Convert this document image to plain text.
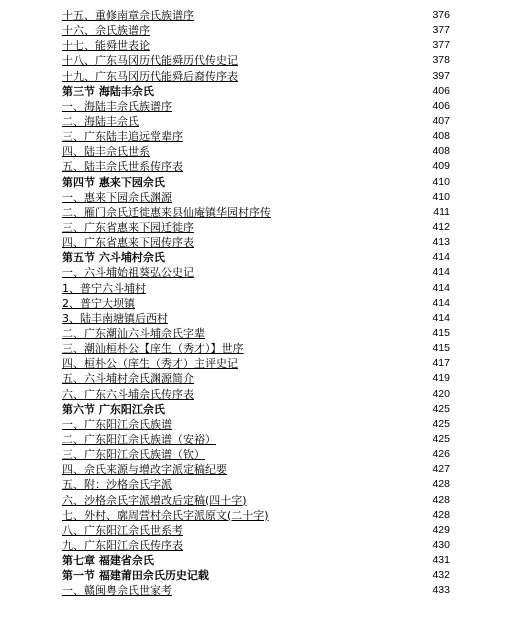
十五、重修南章佘氏族谱序	376
十六、佘氏族谱序	377
十七、能舜世表论	377
十八、广东马冈历代能舜历代传史记	378
十九、广东马冈历代能舜后裔传序表	397
第三节 海陆丰佘氏	406
一、海陆丰佘氏族谱序	406
二、海陆丰佘氏	407
三、广东陆丰追远堂辈序	408
四、陆丰佘氏世系	408
五、陆丰佘氏世系传序表	409
第四节 惠来下园佘氏	410
一、惠来下园佘氏渊源	410
二、雁门佘氏迁徙惠来县仙庵镇华园村序传	411
三、广东省惠来下园迁徙序	412
四、广东省惠来下园传序表	413
第五节 六斗埔村佘氏	414
一、六斗埔始祖葵弘公史记	414
1、普宁六斗埔村	414
2、普宁大坝镇	414
3、陆丰南塘镇后西村	414
二、广东潮汕六斗埔佘氏字辈	415
三、潮汕桓朴公【庠生（秀才）】世序	415
四、桓朴公（庠生（秀才）主评史记	417
五、六斗埔村佘氏渊源简介	419
六、广东六斗埔佘氏传序表	420
第六节 广东阳江佘氏	425
一、广东阳江佘氏族谱	425
二、广东阳江佘氏族谱（安裕）	425
三、广东阳江佘氏族谱（钦）	426
四、佘氏来源与增改字派定稿纪要	427
五、附：沙格佘氏字派	428
六、沙格佘氏字派增改后定稿(四十字)	428
七、外村、廓周营村佘氏字派原文(二十字)	428
八、广东阳江佘氏世系考	429
九、广东阳江佘氏传序表	430
第七章 福建省佘氏	431
第一节 福建莆田佘氏历史记载	432
一、赣闽粤佘氏世家考	433
